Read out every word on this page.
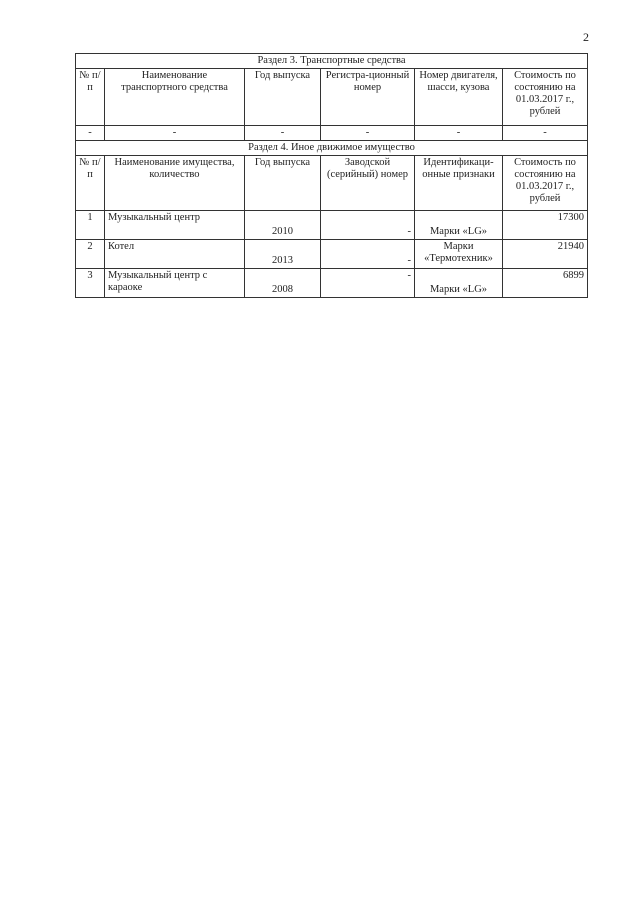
2
Раздел 3. Транспортные средства					
№ п/п	Наименование транспортного средства	Год выпуска	Регистра-ционный номер	Номер двигателя, шасси, кузова	Стоимость по состоянию на 01.03.2017 г., рублей
-	-	-	-	-	-
Раздел 4. Иное движимое имущество					
№ п/п	Наименование имущества, количество	Год выпуска	Заводской (серийный) номер	Идентификаци-онные признаки	Стоимость по состоянию на 01.03.2017 г., рублей
1	Музыкальный центр	2010	-	Марки «LG»	17300
2	Котел	2013	-	Марки «Термотехник»	21940
3	Музыкальный центр с караоке	2008	-	Марки «LG»	6899
